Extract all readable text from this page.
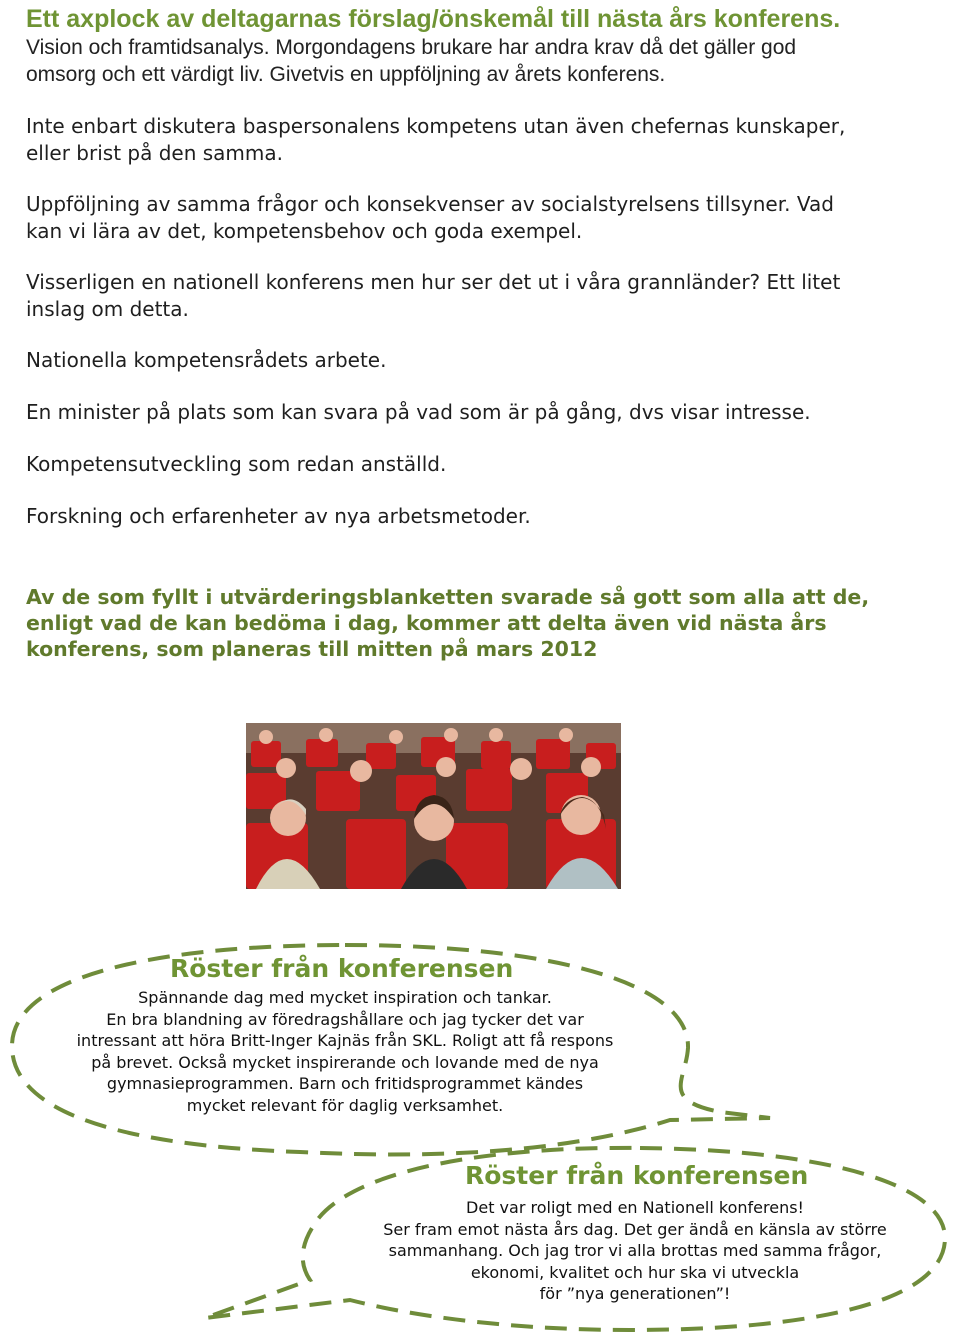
Ett axplock av deltagarnas förslag/önskemål till nästa års konferens.
Vision och framtidsanalys. Morgondagens brukare har andra krav då det gäller god
omsorg och ett värdigt liv. Givetvis en uppföljning av årets konferens.
Inte enbart diskutera baspersonalens kompetens utan även chefernas kunskaper,
eller brist på den samma.
Uppföljning av samma frågor och konsekvenser av socialstyrelsens tillsyner. Vad
kan vi lära av det, kompetensbehov och goda exempel.
Visserligen en nationell konferens men hur ser det ut i våra grannländer? Ett litet
inslag om detta.
Nationella kompetensrådets arbete.
En minister på plats som kan svara på vad som är på gång, dvs visar intresse.
Kompetensutveckling som redan anställd.
Forskning och erfarenheter av nya arbetsmetoder.
Av de som fyllt i utvärderingsblanketten svarade så gott som alla att de,
enligt vad de kan bedöma i dag, kommer att delta även vid nästa års
konferens, som planeras till mitten på mars 2012
Röster från konferensen
Spännande dag med mycket inspiration och tankar.
En bra blandning av föredragshållare och jag tycker det var
intressant att höra Britt-Inger Kajnäs från SKL. Roligt att få respons
på brevet. Också mycket inspirerande och lovande med de nya
gymnasieprogrammen. Barn och fritidsprogrammet kändes
mycket relevant för daglig verksamhet.
Röster från konferensen
Det var roligt med en Nationell konferens!
Ser fram emot nästa års dag. Det ger ändå en känsla av större
sammanhang. Och jag tror vi alla brottas med samma frågor,
ekonomi, kvalitet och hur ska vi utveckla
för ”nya generationen”!
